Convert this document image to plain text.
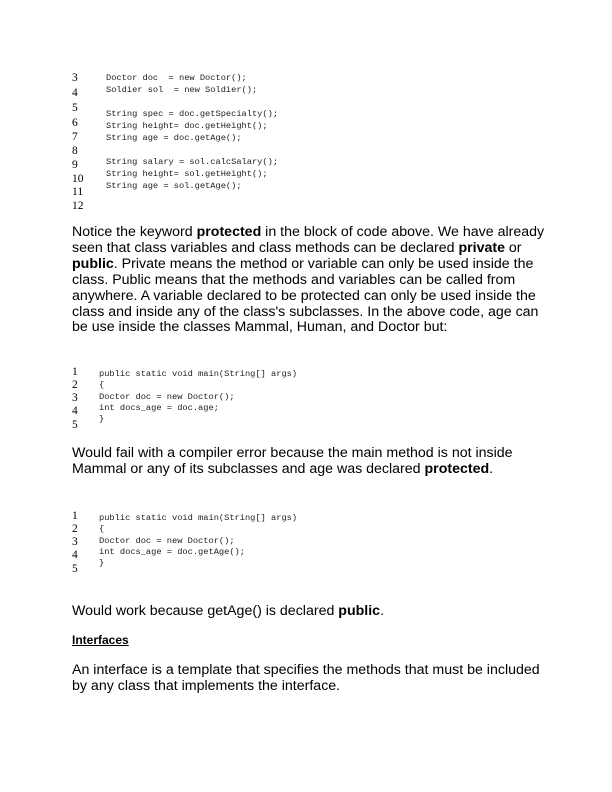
3
4
5
6
7
8
9
10
11
12
Doctor doc  = new Doctor();
Soldier sol  = new Soldier();
String spec = doc.getSpecialty();
String height= doc.getHeight();
String age = doc.getAge();
String salary = sol.calcSalary();
String height= sol.getHeight();
String age = sol.getAge();

Notice the keyword protected in the block of code above. We have already seen that class variables and class methods can be declared private or public. Private means the method or variable can only be used inside the class. Public means that the methods and variables can be called from anywhere. A variable declared to be protected can only be used inside the class and inside any of the class's subclasses. In the above code, age can be use inside the classes Mammal, Human, and Doctor but:

1
2
3
4
5
public static void main(String[] args)
{
Doctor doc = new Doctor();
int docs_age = doc.age;
}

Would fail with a compiler error because the main method is not inside Mammal or any of its subclasses and age was declared protected.

1
2
3
4
5
public static void main(String[] args)
{
Doctor doc = new Doctor();
int docs_age = doc.getAge();
}

Would work because getAge() is declared public.

Interfaces

An interface is a template that specifies the methods that must be included by any class that implements the interface.
